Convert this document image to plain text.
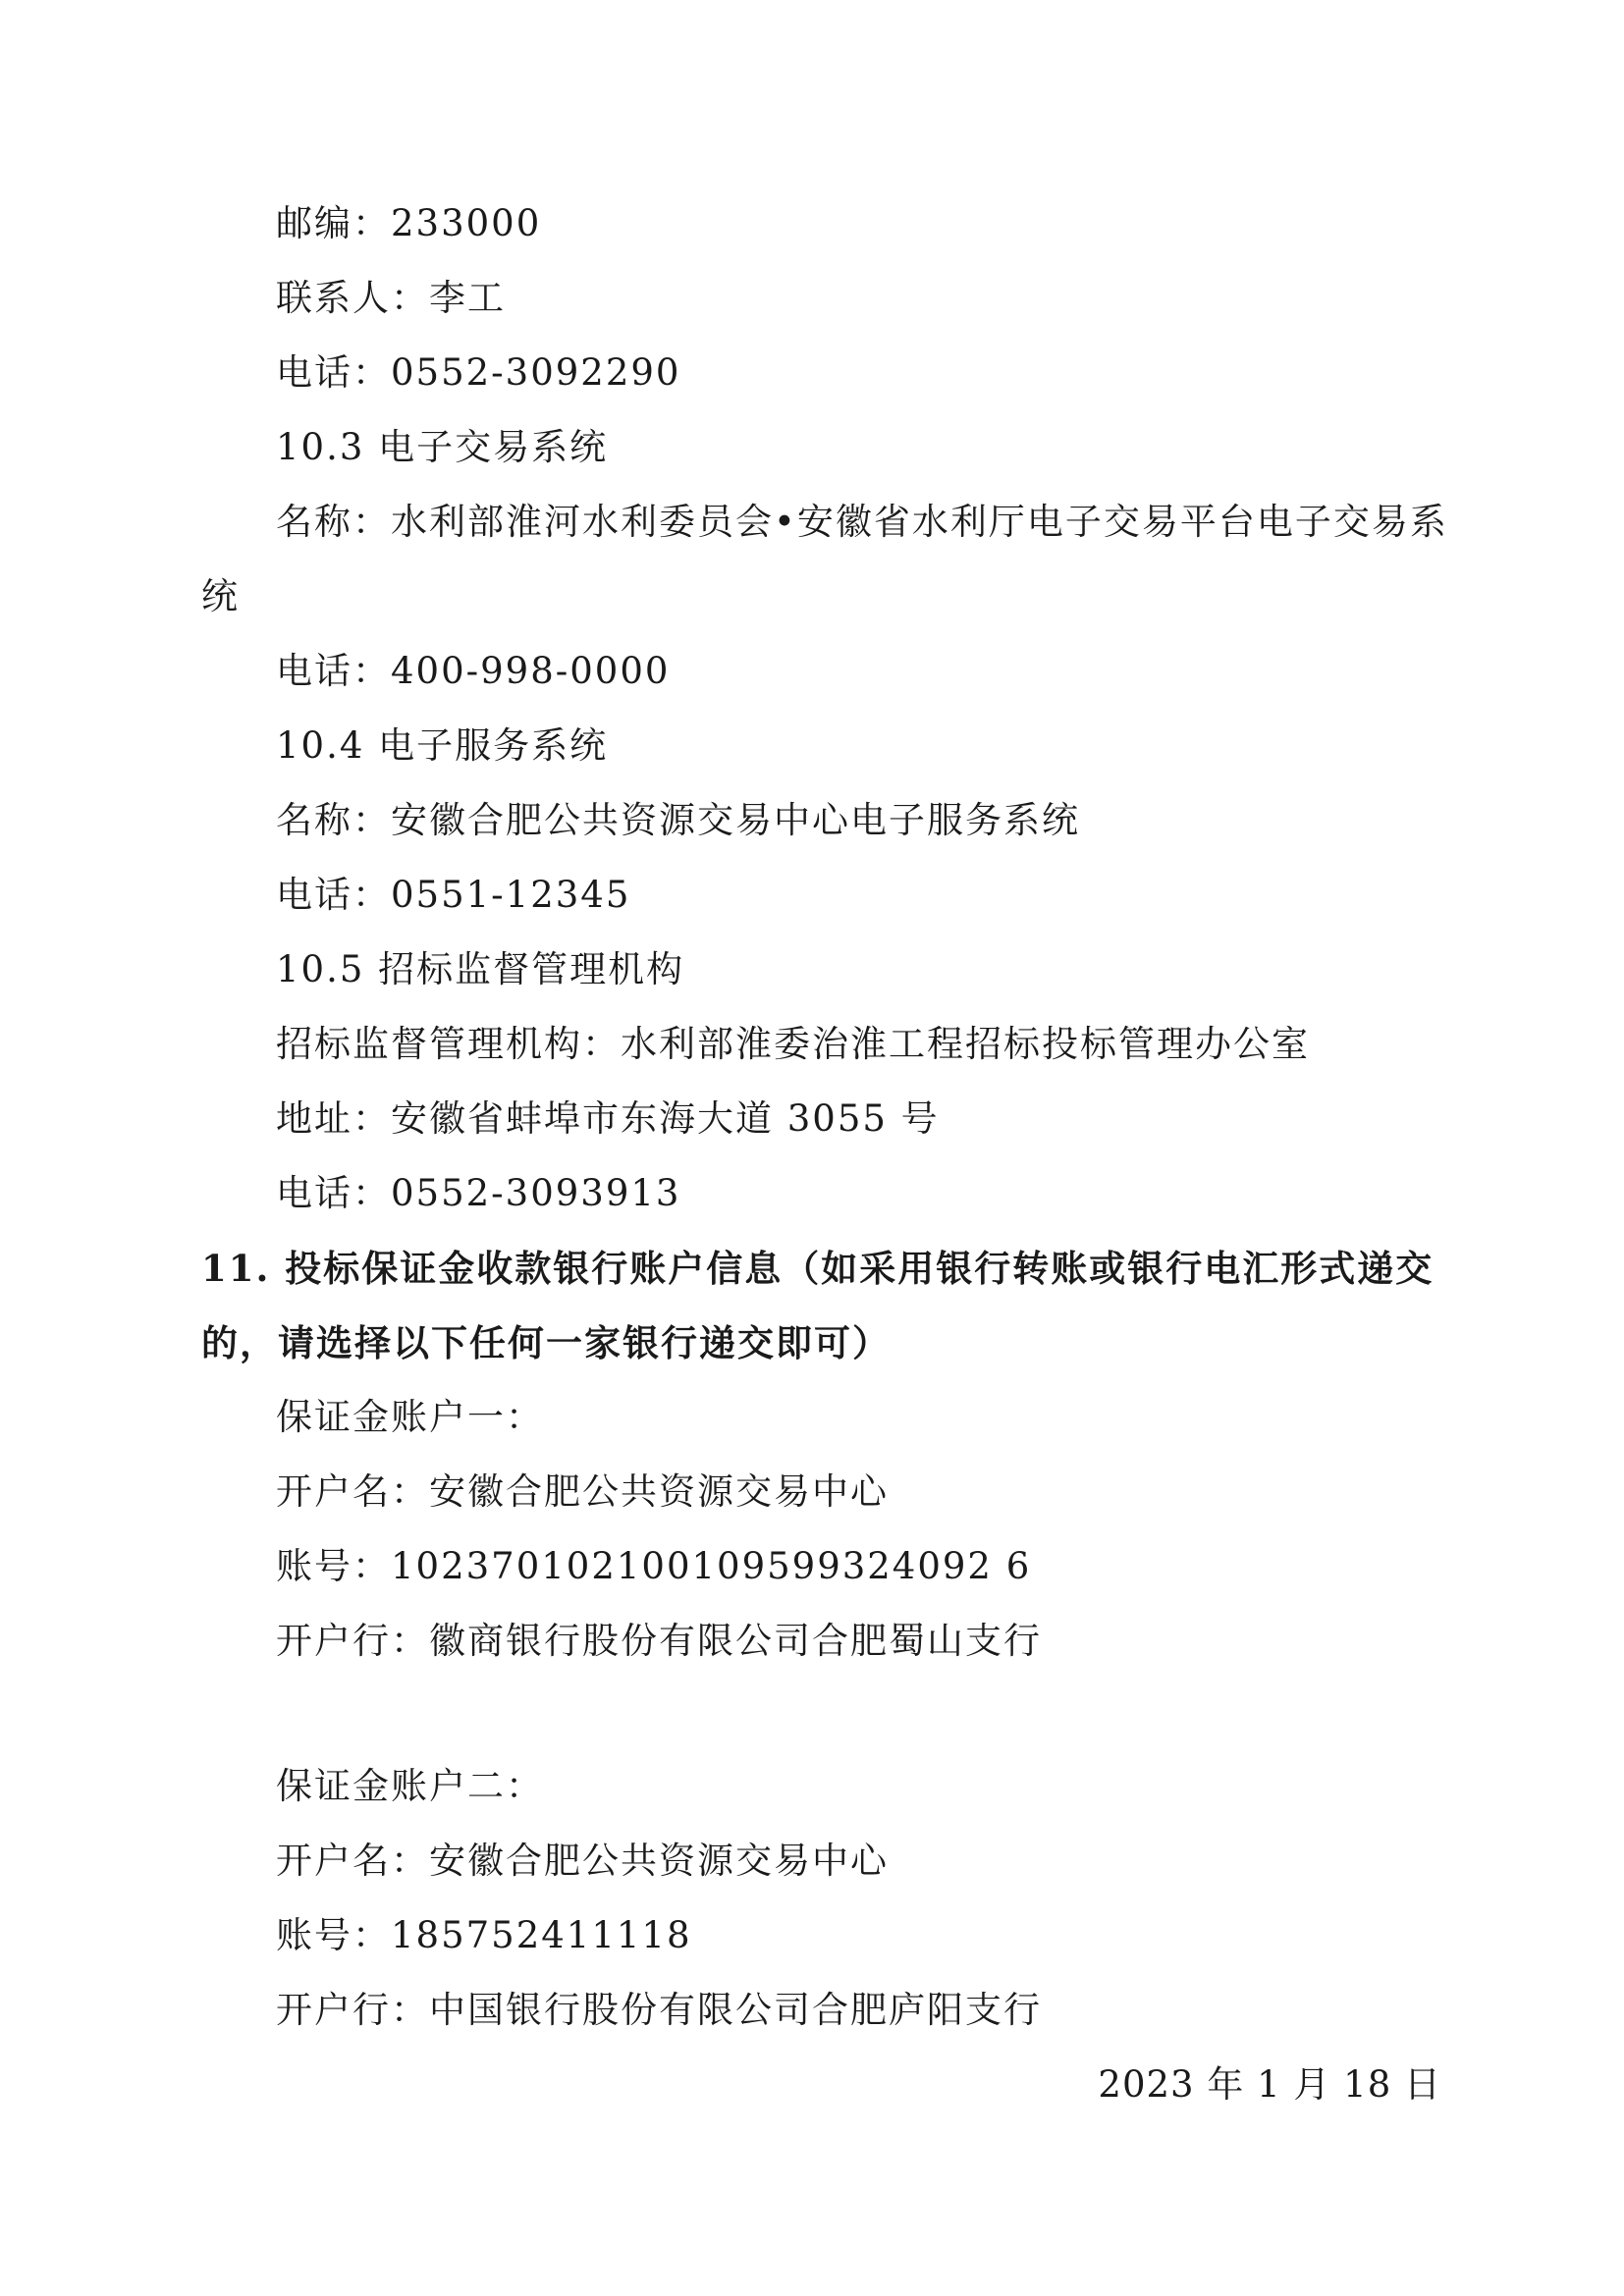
邮编：233000
联系人：李工
电话：0552-3092290
10.3 电子交易系统
名称：水利部淮河水利委员会•安徽省水利厅电子交易平台电子交易系
统
电话：400-998-0000
10.4 电子服务系统
名称：安徽合肥公共资源交易中心电子服务系统
电话：0551-12345
10.5 招标监督管理机构
招标监督管理机构：水利部淮委治淮工程招标投标管理办公室
地址：安徽省蚌埠市东海大道 3055 号
电话：0552-3093913
11. 投标保证金收款银行账户信息（如采用银行转账或银行电汇形式递交
的，请选择以下任何一家银行递交即可）
保证金账户一：
开户名：安徽合肥公共资源交易中心
账号：102370102100109599324092 6
开户行：徽商银行股份有限公司合肥蜀山支行
保证金账户二：
开户名：安徽合肥公共资源交易中心
账号：185752411118
开户行：中国银行股份有限公司合肥庐阳支行
2023 年 1 月 18 日
